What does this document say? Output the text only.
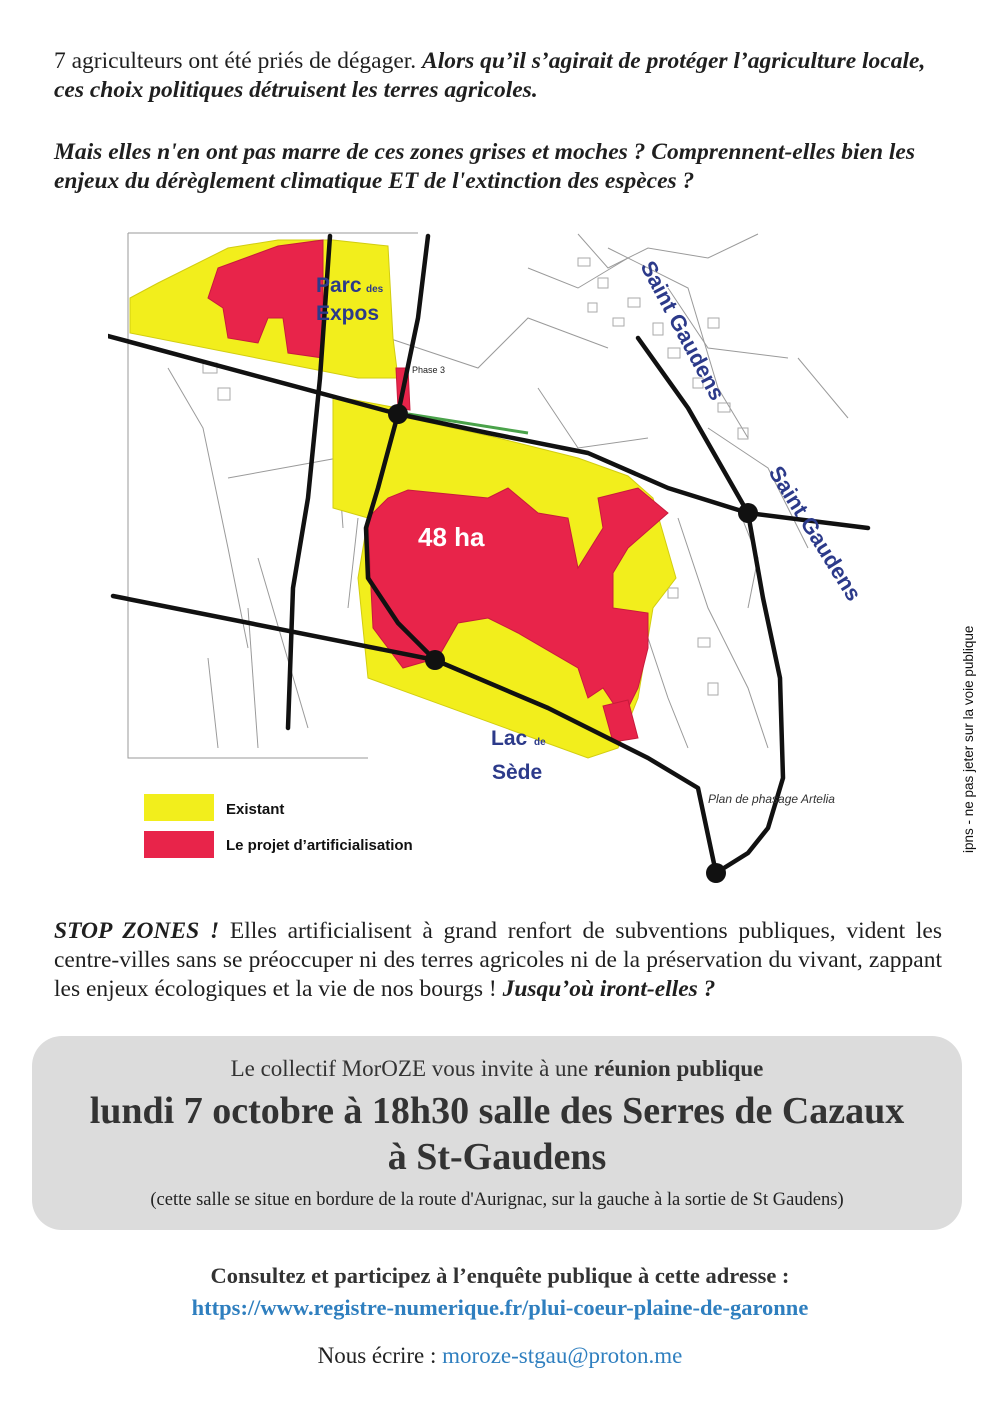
7 agriculteurs ont été priés de dégager. Alors qu’il s’agirait de protéger l’agriculture locale, ces choix politiques détruisent les terres agricoles.
Mais elles n'en ont pas marre de ces zones grises et moches ? Comprennent-elles bien les enjeux du dérèglement climatique ET de l'extinction des espèces ?
Parc des
Expos
Phase 3
48 ha
Saint Gaudens
Saint Gaudens
Lac de
Sède
Plan de phasage Artelia
Existant
Le projet d’artificialisation
STOP ZONES ! Elles artificialisent à grand renfort de subventions publiques, vident les centre-villes sans se préoccuper ni des terres agricoles ni de la préservation du vivant, zappant les enjeux écologiques et la vie de nos bourgs ! Jusqu’où iront-elles ?
Le collectif MorOZE vous invite à une réunion publique
lundi 7 octobre à 18h30 salle des Serres de Cazaux
à St-Gaudens
(cette salle se situe en bordure de la route d'Aurignac, sur la gauche à la sortie de St Gaudens)
Consultez et participez à l’enquête publique à cette adresse :
https://www.registre-numerique.fr/plui-coeur-plaine-de-garonne
Nous écrire : moroze-stgau@proton.me
ipns - ne pas jeter sur la voie publique
